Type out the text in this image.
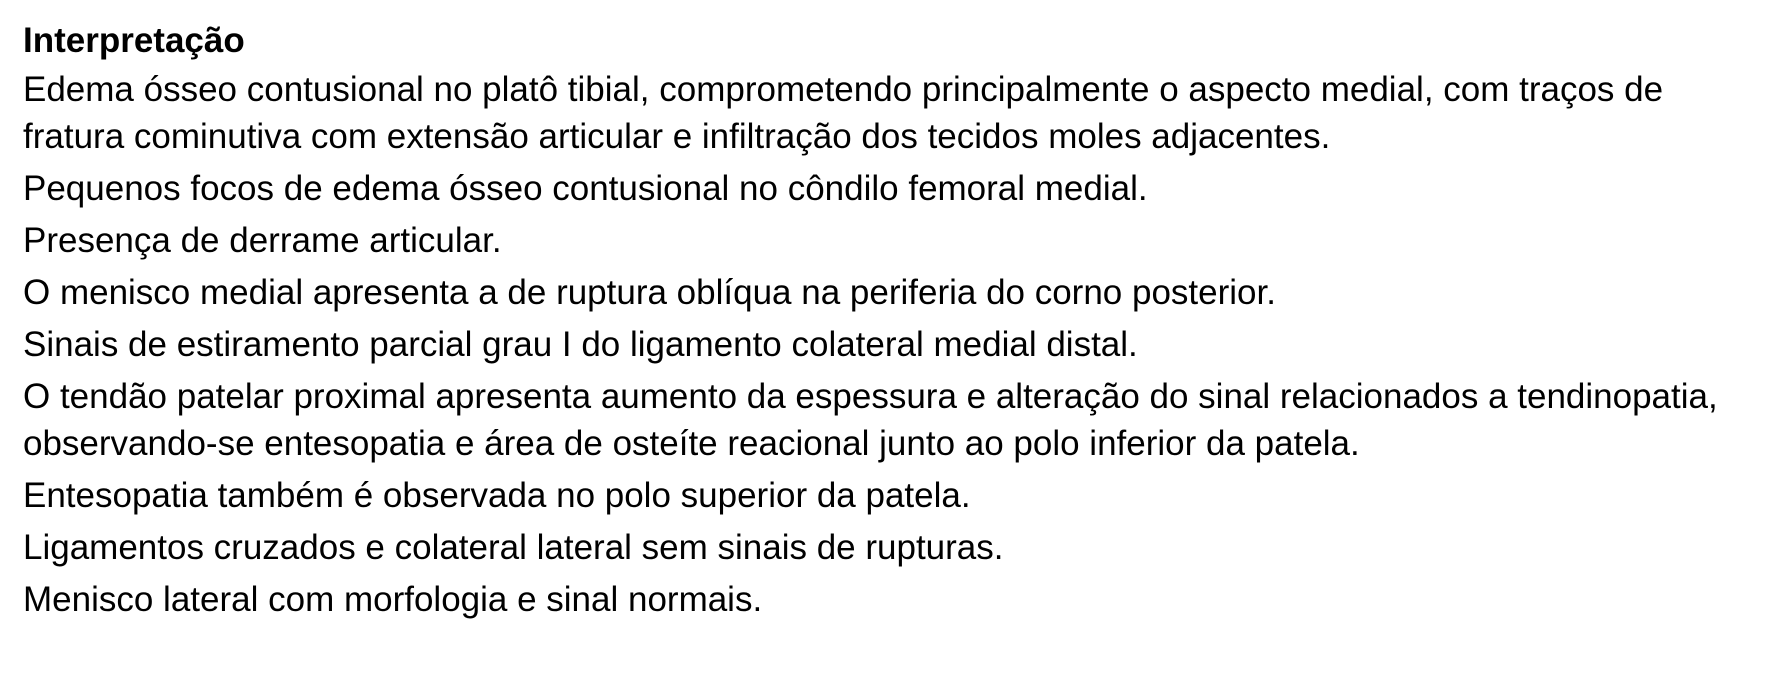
Interpretação
Edema ósseo contusional no platô tibial, comprometendo principalmente o aspecto medial, com traços de fratura cominutiva com extensão articular e infiltração dos tecidos moles adjacentes.
Pequenos focos de edema ósseo contusional no côndilo femoral medial.
Presença de derrame articular.
O menisco medial apresenta a de ruptura oblíqua na periferia do corno posterior.
Sinais de estiramento parcial grau I do ligamento colateral medial distal.
O tendão patelar proximal apresenta aumento da espessura e alteração do sinal relacionados a tendinopatia, observando-se entesopatia e área de osteíte reacional junto ao polo inferior da patela.
Entesopatia também é observada no polo superior da patela.
Ligamentos cruzados e colateral lateral sem sinais de rupturas.
Menisco lateral com morfologia e sinal normais.
